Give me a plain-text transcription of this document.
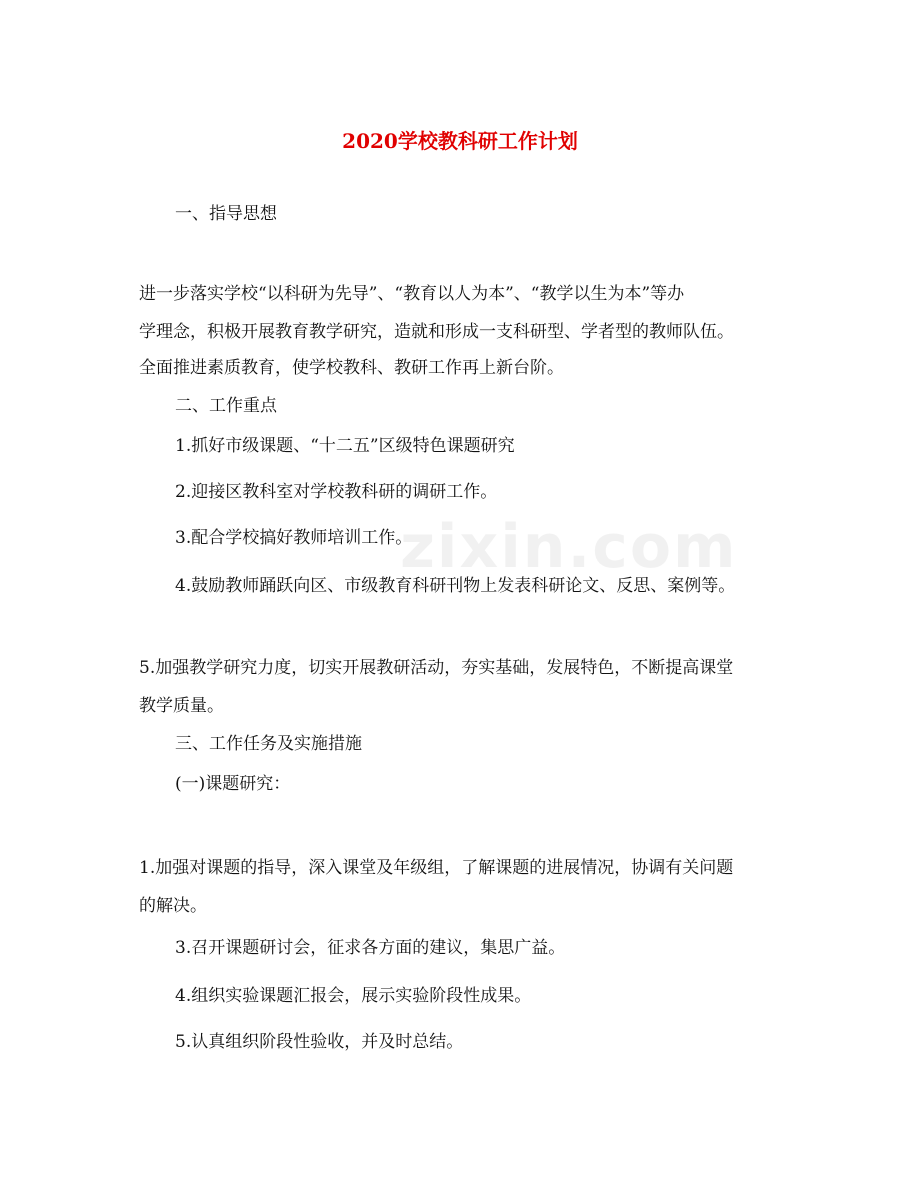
zixin.com
2020学校教科研工作计划
一、指导思想
进一步落实学校“以科研为先导”、“教育以人为本”、“教学以生为本”等办
学理念，积极开展教育教学研究，造就和形成一支科研型、学者型的教师队伍。
全面推进素质教育，使学校教科、教研工作再上新台阶。
二、工作重点
1.抓好市级课题、“十二五”区级特色课题研究
2.迎接区教科室对学校教科研的调研工作。
3.配合学校搞好教师培训工作。
4.鼓励教师踊跃向区、市级教育科研刊物上发表科研论文、反思、案例等。
5.加强教学研究力度，切实开展教研活动，夯实基础，发展特色，不断提高课堂
教学质量。
三、工作任务及实施措施
(一)课题研究：
1.加强对课题的指导，深入课堂及年级组，了解课题的进展情况，协调有关问题
的解决。
3.召开课题研讨会，征求各方面的建议，集思广益。
4.组织实验课题汇报会，展示实验阶段性成果。
5.认真组织阶段性验收，并及时总结。
